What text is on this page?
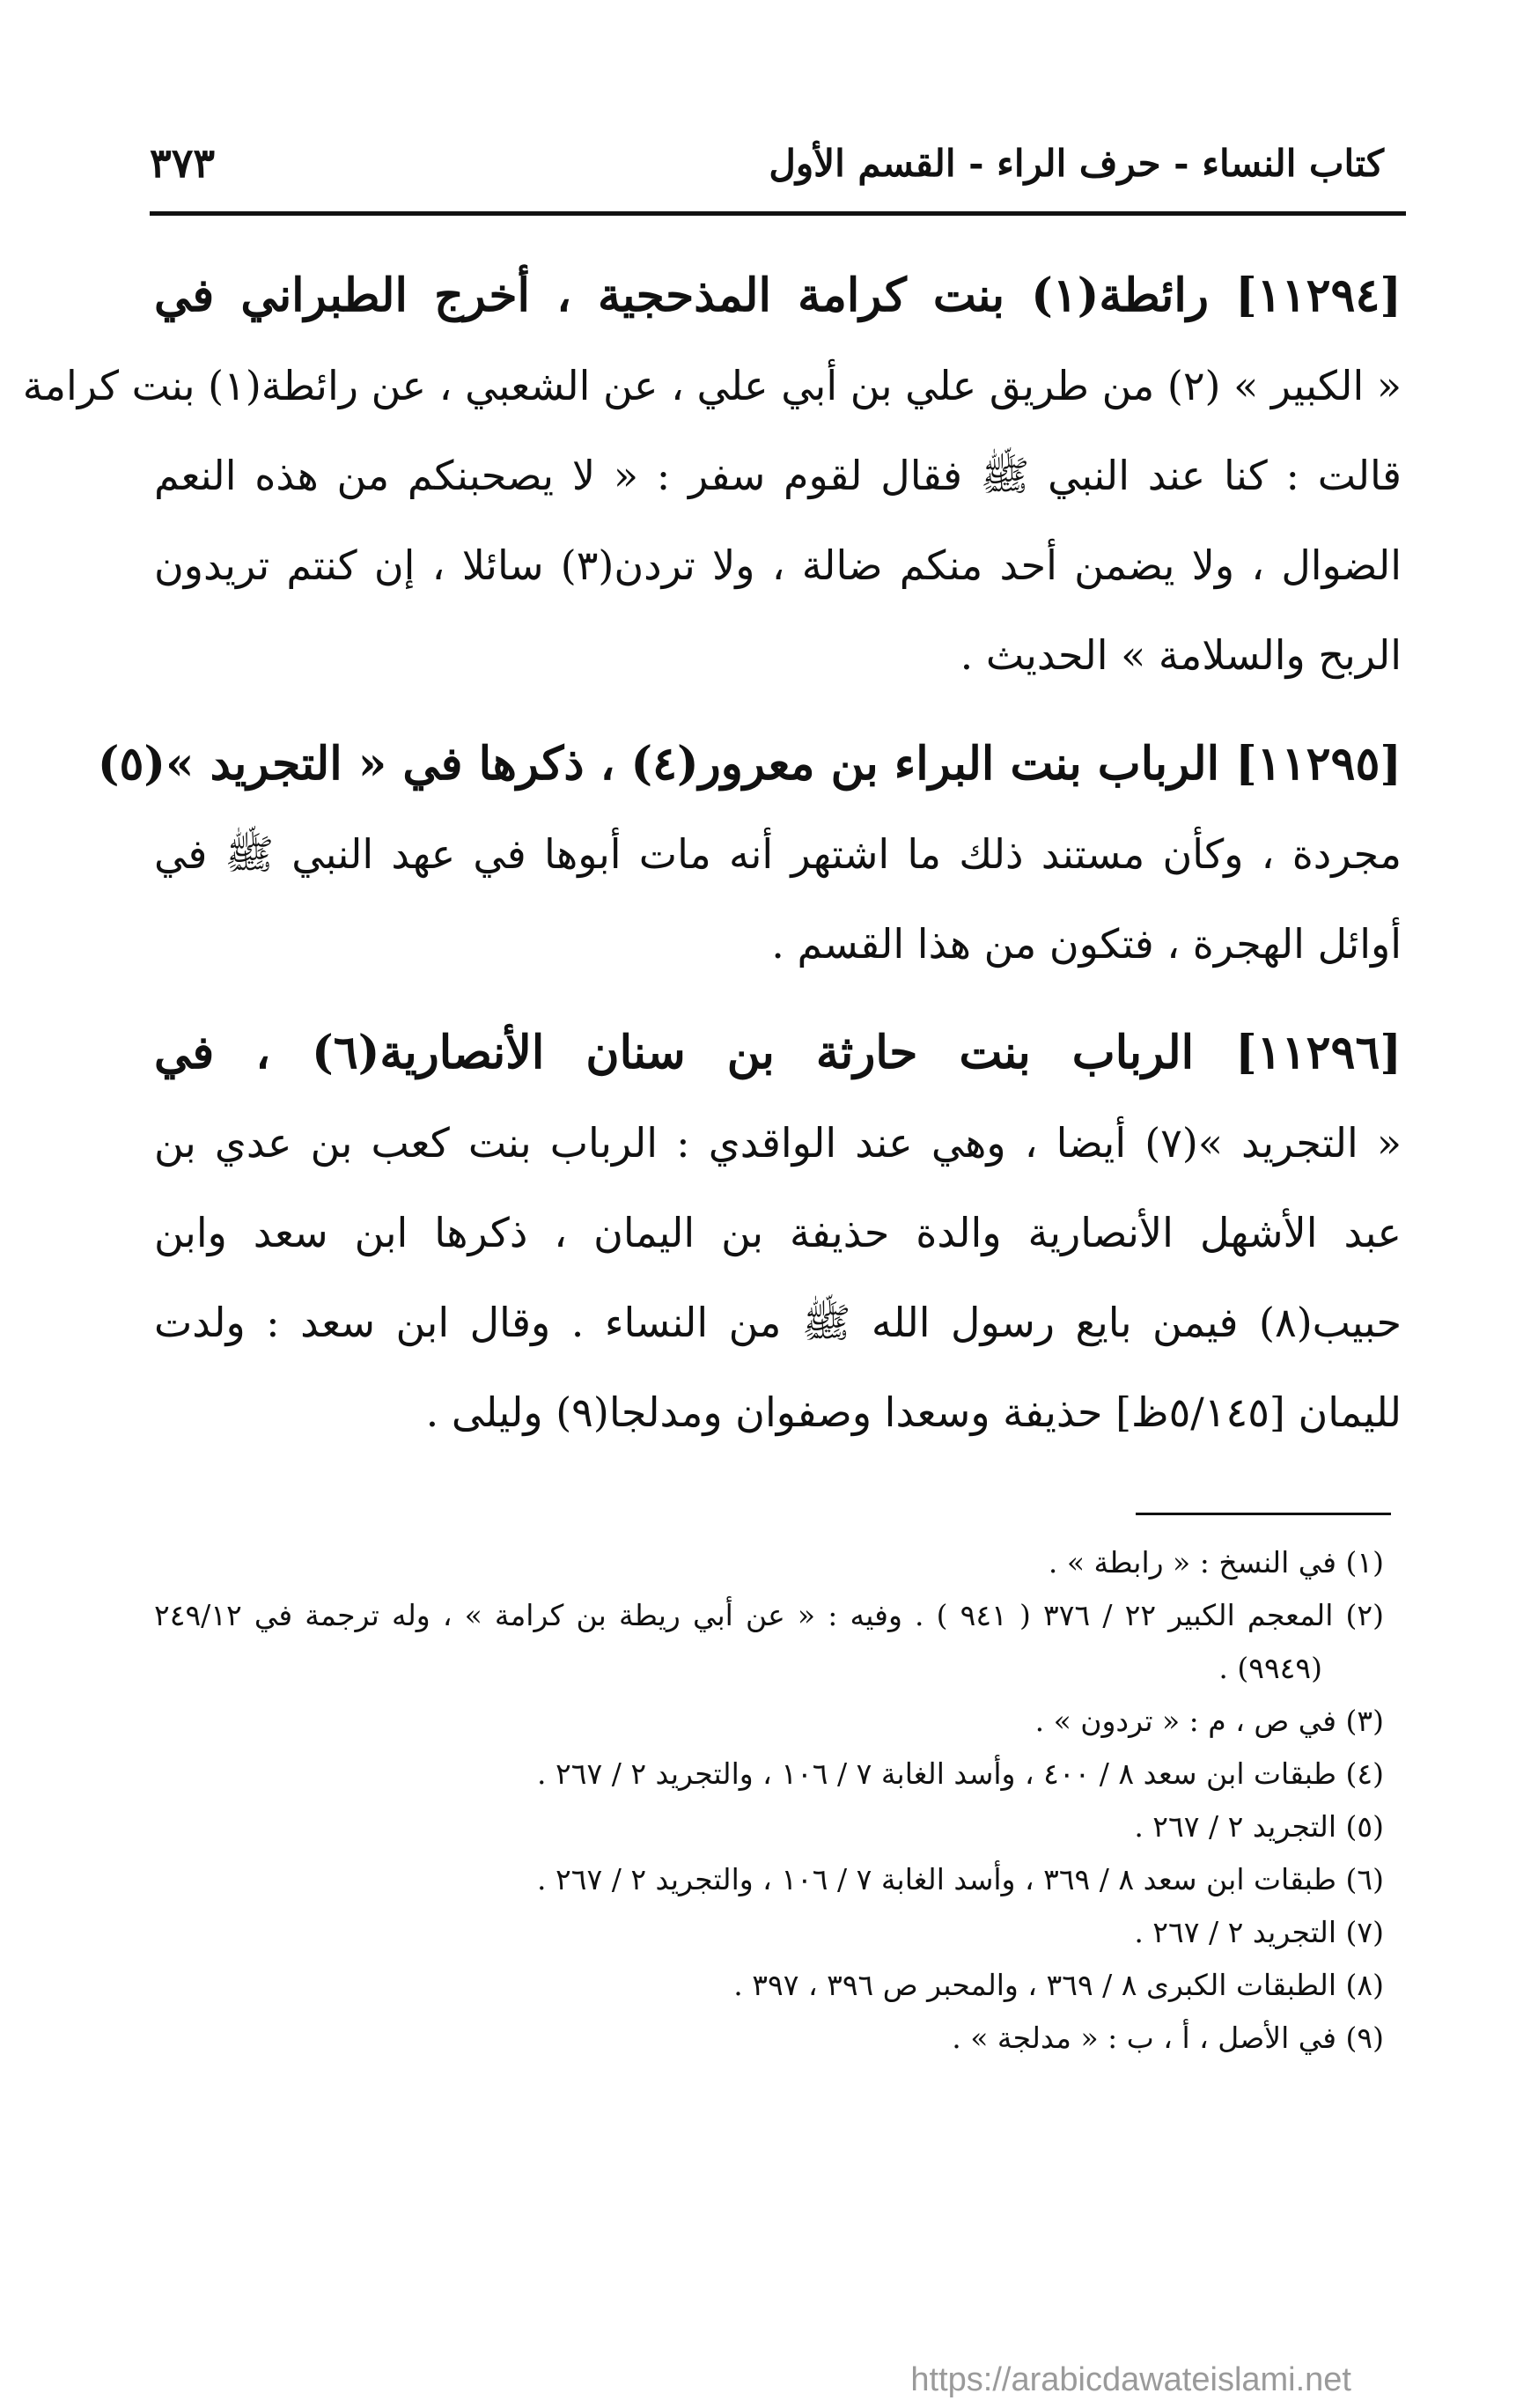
٣٧٣	كتاب النساء - حرف الراء - القسم الأول
[١١٢٩٤] رائطة(١) بنت كرامة المذحجية ، أخرج الطبراني في
« الكبير » (٢) من طريق علي بن أبي علي ، عن الشعبي ، عن رائطة(١) بنت كرامة
قالت : كنا عند النبي ﷺ فقال لقوم سفر : « لا يصحبنكم من هذه النعم
الضوال ، ولا يضمن أحد منكم ضالة ، ولا تردن(٣) سائلا ، إن كنتم تريدون
الربح والسلامة » الحديث .
[١١٢٩٥] الرباب بنت البراء بن معرور(٤) ، ذكرها في « التجريد »(٥)
مجردة ، وكأن مستند ذلك ما اشتهر أنه مات أبوها في عهد النبي ﷺ في
أوائل الهجرة ، فتكون من هذا القسم .
[١١٢٩٦] الرباب بنت حارثة بن سنان الأنصارية(٦) ، في
« التجريد »(٧) أيضا ، وهي عند الواقدي : الرباب بنت كعب بن عدي بن
عبد الأشهل الأنصارية والدة حذيفة بن اليمان ، ذكرها ابن سعد وابن
حبيب(٨) فيمن بايع رسول الله ﷺ من النساء . وقال ابن سعد : ولدت
لليمان [٥/١٤٥ظ] حذيفة وسعدا وصفوان ومدلجا(٩) وليلى .
(١) في النسخ : « رابطة » .
(٢) المعجم الكبير ٢٢ / ٣٧٦ ( ٩٤١ ) . وفيه : « عن أبي ريطة بن كرامة » ، وله ترجمة في ٢٤٩/١٢
(٩٩٤٩) .
(٣) في ص ، م : « تردون » .
(٤) طبقات ابن سعد ٨ / ٤٠٠ ، وأسد الغابة ٧ / ١٠٦ ، والتجريد ٢ / ٢٦٧ .
(٥) التجريد ٢ / ٢٦٧ .
(٦) طبقات ابن سعد ٨ / ٣٦٩ ، وأسد الغابة ٧ / ١٠٦ ، والتجريد ٢ / ٢٦٧ .
(٧) التجريد ٢ / ٢٦٧ .
(٨) الطبقات الكبرى ٨ / ٣٦٩ ، والمحبر ص ٣٩٦ ، ٣٩٧ .
(٩) في الأصل ، أ ، ب : « مدلجة » .
https://arabicdawateislami.net
